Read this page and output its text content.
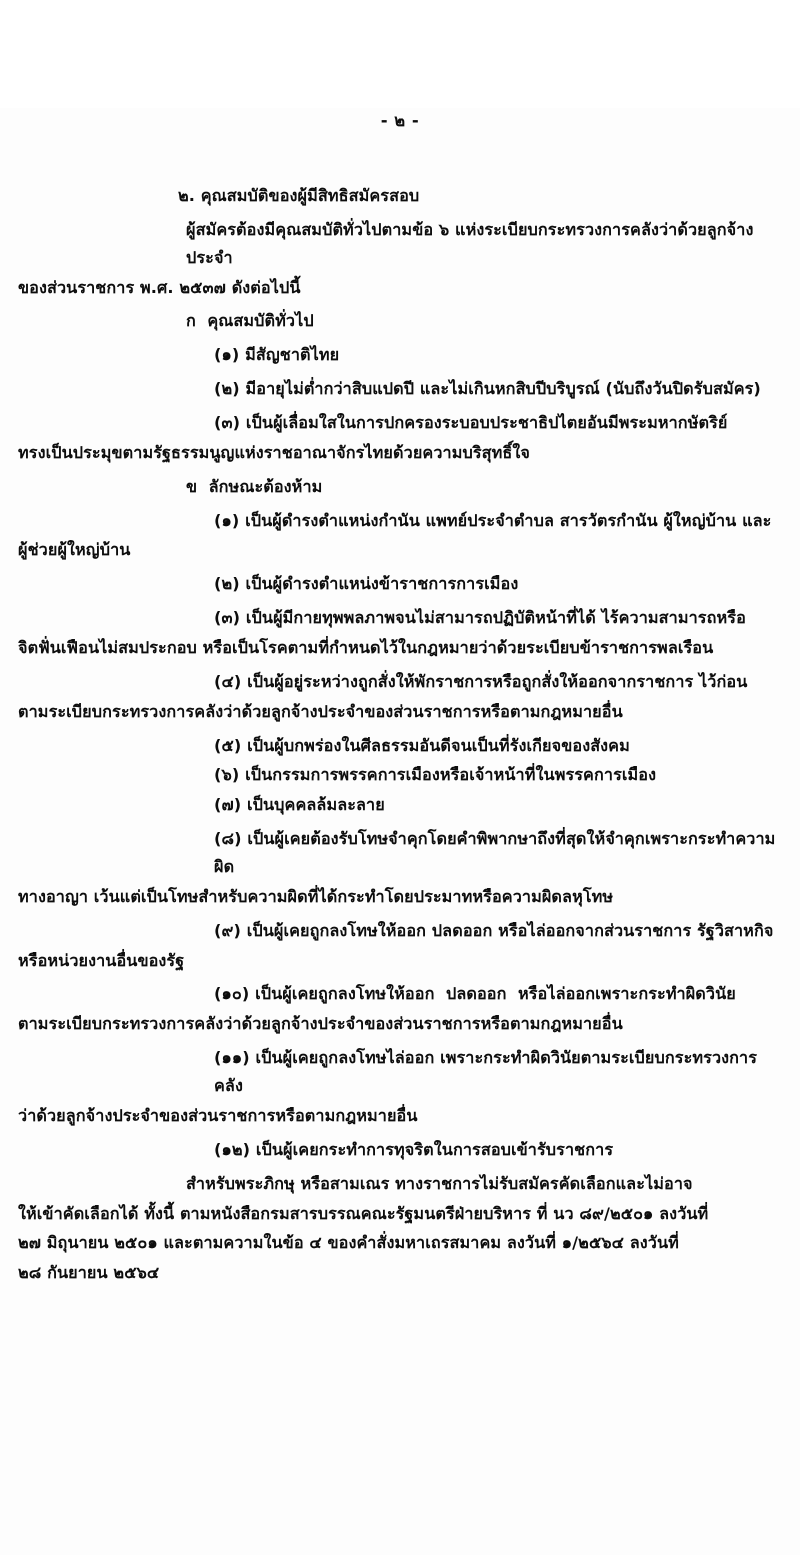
- ๒ -

๒. คุณสมบัติของผู้มีสิทธิสมัครสอบ

ผู้สมัครต้องมีคุณสมบัติทั่วไปตามข้อ ๖ แห่งระเบียบกระทรวงการคลังว่าด้วยลูกจ้างประจำ

ของส่วนราชการ พ.ศ. ๒๕๓๗ ดังต่อไปนี้

ก  คุณสมบัติทั่วไป

(๑) มีสัญชาติไทย

(๒) มีอายุไม่ต่ำกว่าสิบแปดปี และไม่เกินหกสิบปีบริบูรณ์ (นับถึงวันปิดรับสมัคร)

(๓) เป็นผู้เลื่อมใสในการปกครองระบอบประชาธิปไตยอันมีพระมหากษัตริย์

ทรงเป็นประมุขตามรัฐธรรมนูญแห่งราชอาณาจักรไทยด้วยความบริสุทธิ์ใจ

ข  ลักษณะต้องห้าม

(๑) เป็นผู้ดำรงตำแหน่งกำนัน แพทย์ประจำตำบล สารวัตรกำนัน ผู้ใหญ่บ้าน และ

ผู้ช่วยผู้ใหญ่บ้าน

(๒) เป็นผู้ดำรงตำแหน่งข้าราชการการเมือง

(๓) เป็นผู้มีกายทุพพลภาพจนไม่สามารถปฏิบัติหน้าที่ได้ ไร้ความสามารถหรือ

จิตฟั่นเฟือนไม่สมประกอบ หรือเป็นโรคตามที่กำหนดไว้ในกฎหมายว่าด้วยระเบียบข้าราชการพลเรือน

(๔) เป็นผู้อยู่ระหว่างถูกสั่งให้พักราชการหรือถูกสั่งให้ออกจากราชการ ไว้ก่อน

ตามระเบียบกระทรวงการคลังว่าด้วยลูกจ้างประจำของส่วนราชการหรือตามกฎหมายอื่น

(๕) เป็นผู้บกพร่องในศีลธรรมอันดีจนเป็นที่รังเกียจของสังคม

(๖) เป็นกรรมการพรรคการเมืองหรือเจ้าหน้าที่ในพรรคการเมือง

(๗) เป็นบุคคลล้มละลาย

(๘) เป็นผู้เคยต้องรับโทษจำคุกโดยคำพิพากษาถึงที่สุดให้จำคุกเพราะกระทำความผิด

ทางอาญา เว้นแต่เป็นโทษสำหรับความผิดที่ได้กระทำโดยประมาทหรือความผิดลหุโทษ

(๙) เป็นผู้เคยถูกลงโทษให้ออก ปลดออก หรือไล่ออกจากส่วนราชการ รัฐวิสาหกิจ

หรือหน่วยงานอื่นของรัฐ

(๑๐) เป็นผู้เคยถูกลงโทษให้ออก  ปลดออก  หรือไล่ออกเพราะกระทำผิดวินัย

ตามระเบียบกระทรวงการคลังว่าด้วยลูกจ้างประจำของส่วนราชการหรือตามกฎหมายอื่น

(๑๑) เป็นผู้เคยถูกลงโทษไล่ออก เพราะกระทำผิดวินัยตามระเบียบกระทรวงการคลัง

ว่าด้วยลูกจ้างประจำของส่วนราชการหรือตามกฎหมายอื่น

(๑๒) เป็นผู้เคยกระทำการทุจริตในการสอบเข้ารับราชการ

สำหรับพระภิกษุ หรือสามเณร ทางราชการไม่รับสมัครคัดเลือกและไม่อาจ

ให้เข้าคัดเลือกได้ ทั้งนี้ ตามหนังสือกรมสารบรรณคณะรัฐมนตรีฝ่ายบริหาร ที่ นว ๘๙/๒๕๐๑ ลงวันที่

๒๗ มิถุนายน ๒๕๐๑ และตามความในข้อ ๔ ของคำสั่งมหาเถรสมาคม ลงวันที่ ๑/๒๕๖๔ ลงวันที่

๒๘ กันยายน ๒๕๖๔
